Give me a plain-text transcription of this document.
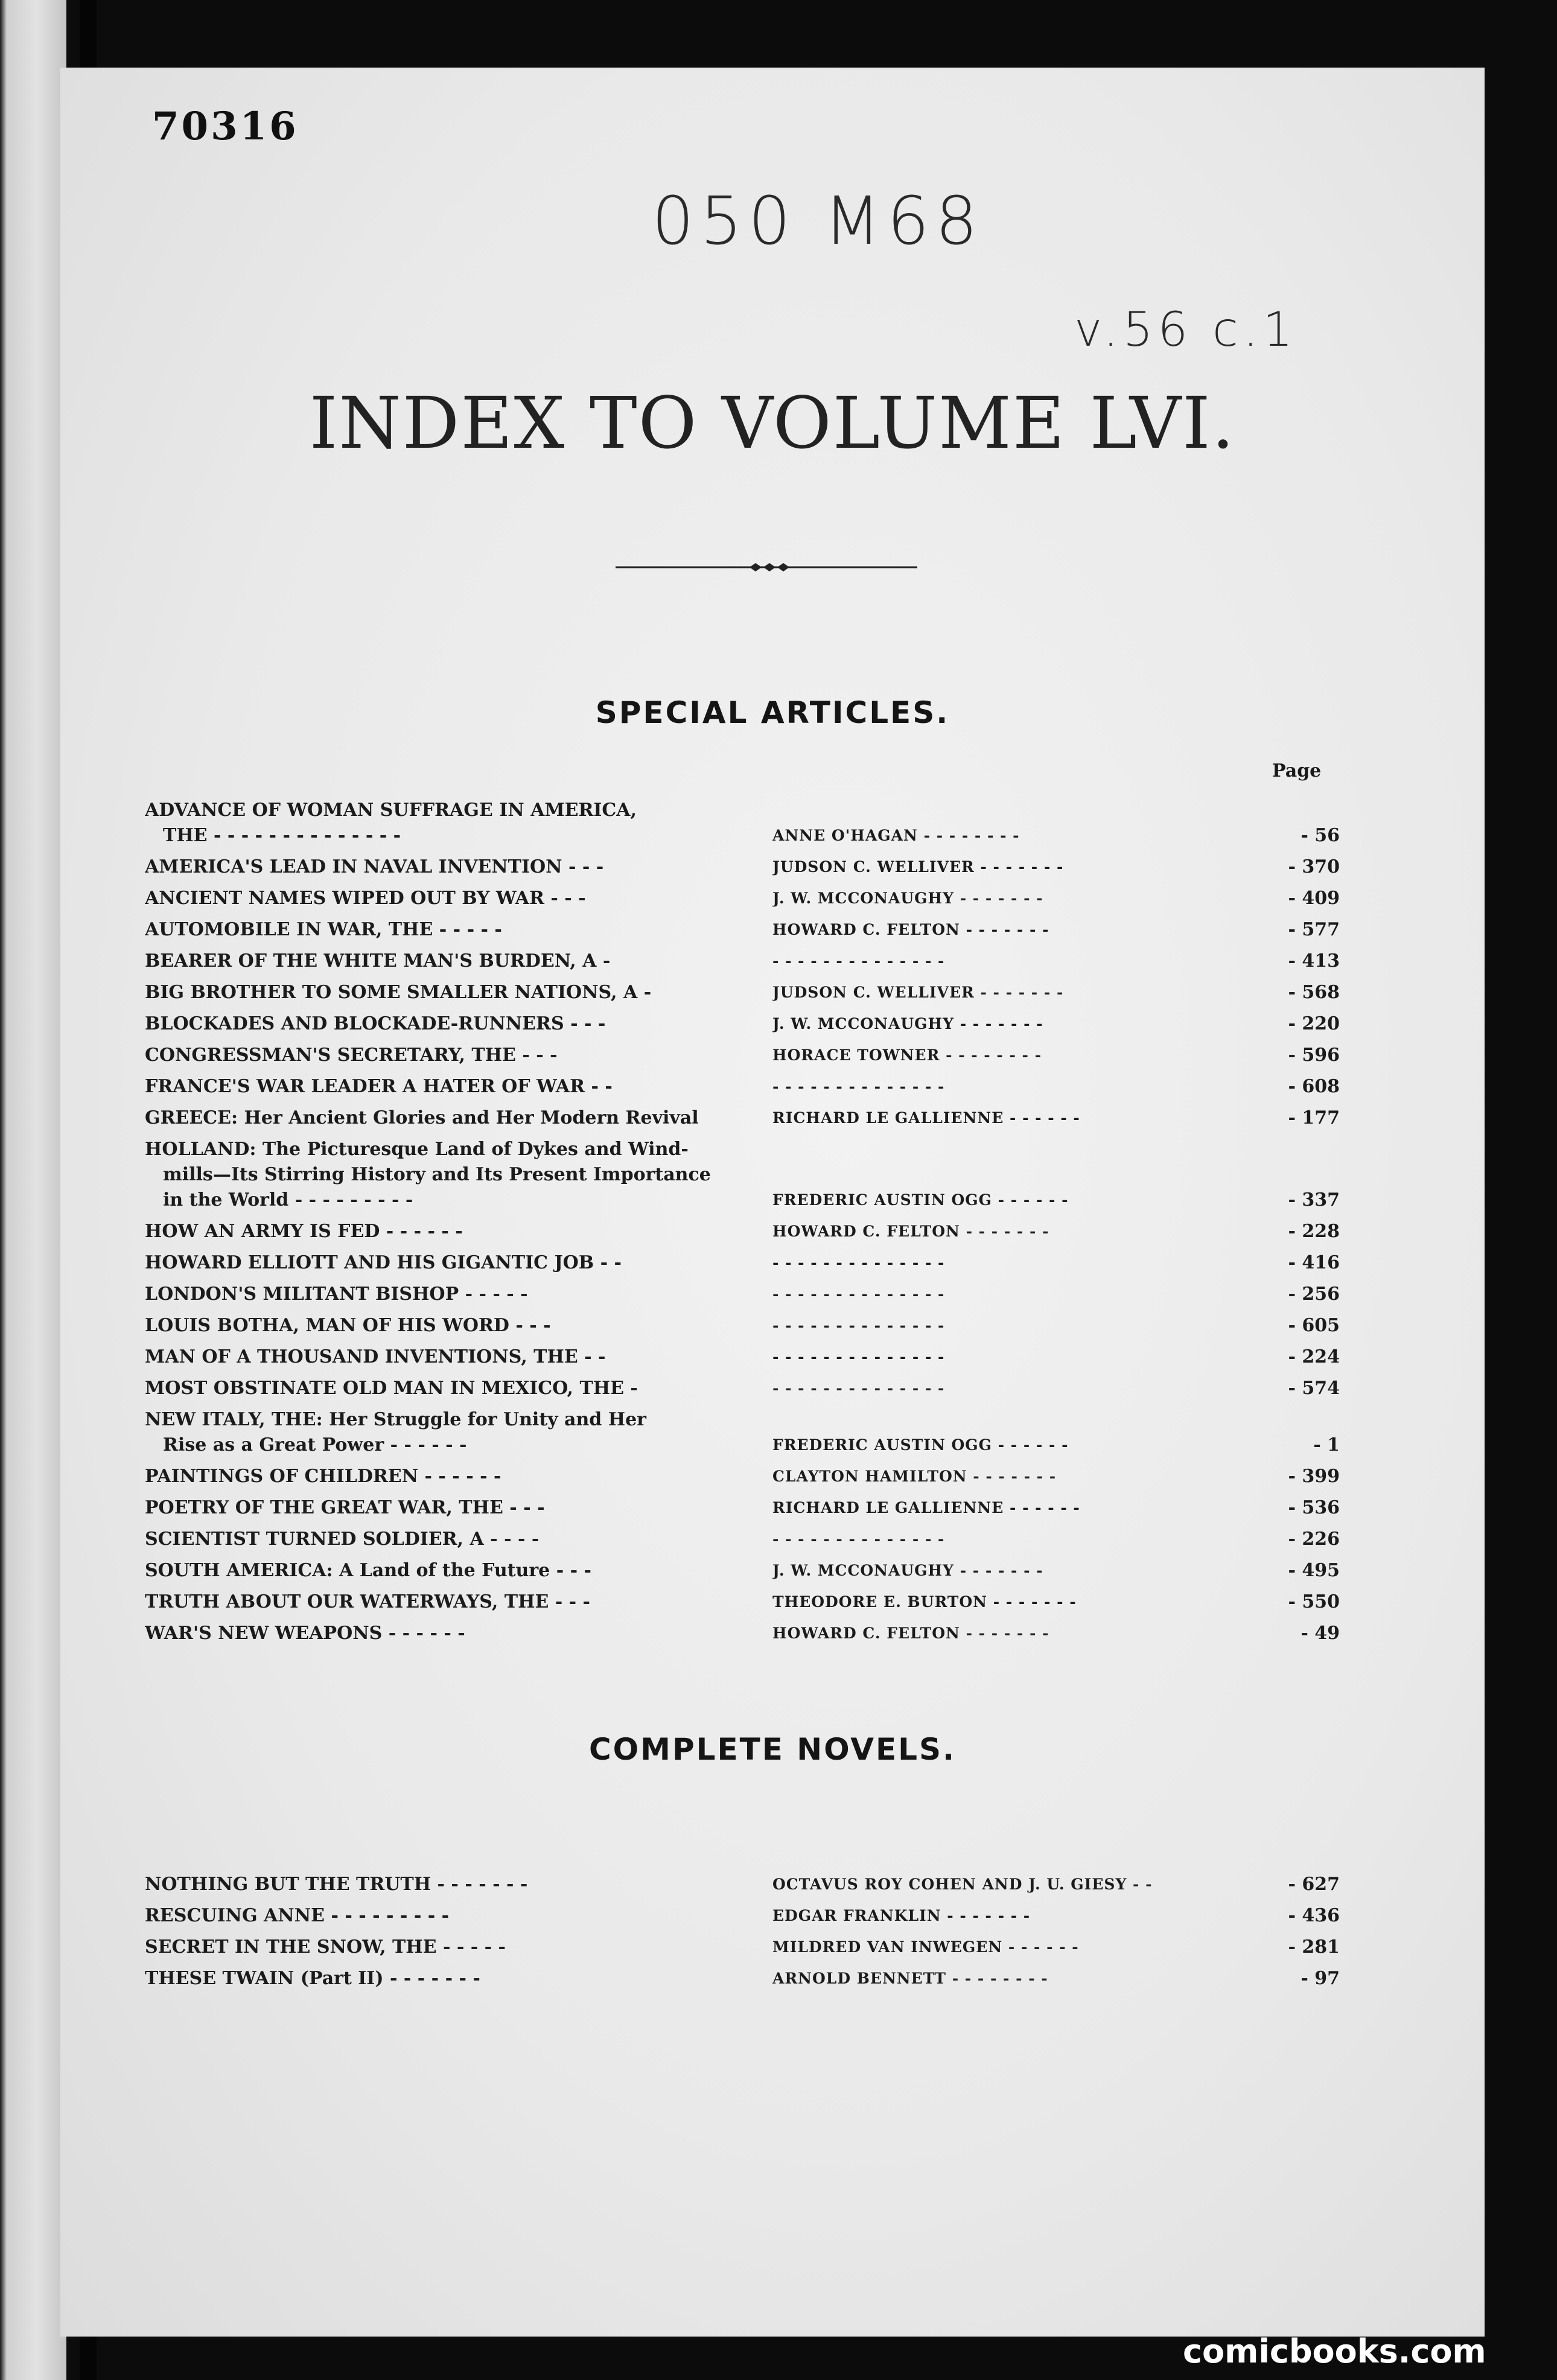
70316
050 M68
v.56 c.1
INDEX TO VOLUME LVI.
SPECIAL ARTICLES.
Page
ADVANCE OF WOMAN SUFFRAGE IN AMERICA,
THE - - - - - - - - - - - - - -	ANNE O'HAGAN - - - - - - - -	- 56
AMERICA'S LEAD IN NAVAL INVENTION - - -	JUDSON C. WELLIVER - - - - - - -	- 370
ANCIENT NAMES WIPED OUT BY WAR - - -	J. W. MCCONAUGHY - - - - - - -	- 409
AUTOMOBILE IN WAR, THE - - - - -	HOWARD C. FELTON - - - - - - -	- 577
BEARER OF THE WHITE MAN'S BURDEN, A -	- - - - - - - - - - - - - -	- 413
BIG BROTHER TO SOME SMALLER NATIONS, A -	JUDSON C. WELLIVER - - - - - - -	- 568
BLOCKADES AND BLOCKADE-RUNNERS - - -	J. W. MCCONAUGHY - - - - - - -	- 220
CONGRESSMAN'S SECRETARY, THE - - -	HORACE TOWNER - - - - - - - -	- 596
FRANCE'S WAR LEADER A HATER OF WAR - -	- - - - - - - - - - - - - -	- 608
GREECE: Her Ancient Glories and Her Modern Revival	RICHARD LE GALLIENNE - - - - - -	- 177
HOLLAND: The Picturesque Land of Dykes and Wind-
mills—Its Stirring History and Its Present Importance
in the World - - - - - - - - -	FREDERIC AUSTIN OGG - - - - - -	- 337
HOW AN ARMY IS FED - - - - - -	HOWARD C. FELTON - - - - - - -	- 228
HOWARD ELLIOTT AND HIS GIGANTIC JOB - -	- - - - - - - - - - - - - -	- 416
LONDON'S MILITANT BISHOP - - - - -	- - - - - - - - - - - - - -	- 256
LOUIS BOTHA, MAN OF HIS WORD - - -	- - - - - - - - - - - - - -	- 605
MAN OF A THOUSAND INVENTIONS, THE - -	- - - - - - - - - - - - - -	- 224
MOST OBSTINATE OLD MAN IN MEXICO, THE -	- - - - - - - - - - - - - -	- 574
NEW ITALY, THE: Her Struggle for Unity and Her
Rise as a Great Power - - - - - -	FREDERIC AUSTIN OGG - - - - - -	- 1
PAINTINGS OF CHILDREN - - - - - -	CLAYTON HAMILTON - - - - - - -	- 399
POETRY OF THE GREAT WAR, THE - - -	RICHARD LE GALLIENNE - - - - - -	- 536
SCIENTIST TURNED SOLDIER, A - - - -	- - - - - - - - - - - - - -	- 226
SOUTH AMERICA: A Land of the Future - - -	J. W. MCCONAUGHY - - - - - - -	- 495
TRUTH ABOUT OUR WATERWAYS, THE - - -	THEODORE E. BURTON - - - - - - -	- 550
WAR'S NEW WEAPONS - - - - - -	HOWARD C. FELTON - - - - - - -	- 49
COMPLETE NOVELS.
NOTHING BUT THE TRUTH - - - - - - -	OCTAVUS ROY COHEN AND J. U. GIESY - -	- 627
RESCUING ANNE - - - - - - - - -	EDGAR FRANKLIN - - - - - - -	- 436
SECRET IN THE SNOW, THE - - - - -	MILDRED VAN INWEGEN - - - - - -	- 281
THESE TWAIN (Part II) - - - - - - -	ARNOLD BENNETT - - - - - - - -	- 97
comicbooks.com
